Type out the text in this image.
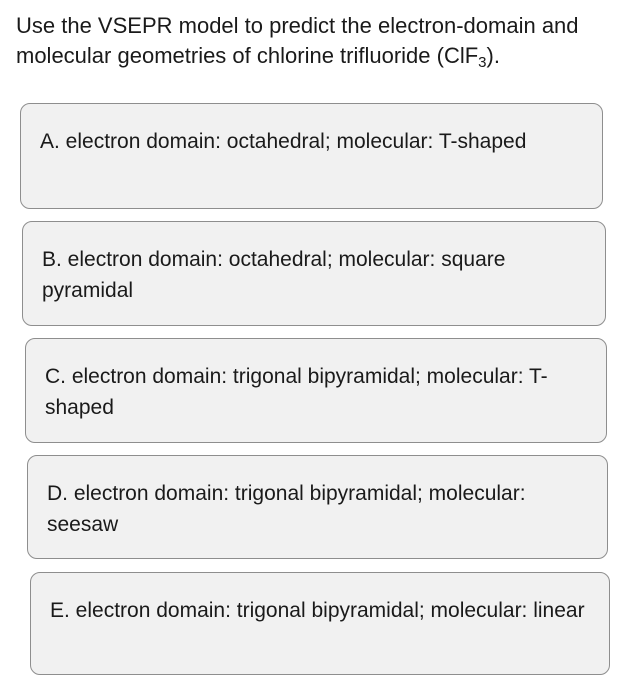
Use the VSEPR model to predict the electron-domain and molecular geometries of chlorine trifluoride (ClF$_3$).

A. electron domain: octahedral; molecular: T-shaped
B. electron domain: octahedral; molecular: square pyramidal
C. electron domain: trigonal bipyramidal; molecular: T-shaped
D. electron domain: trigonal bipyramidal; molecular: seesaw
E. electron domain: trigonal bipyramidal; molecular: linear
